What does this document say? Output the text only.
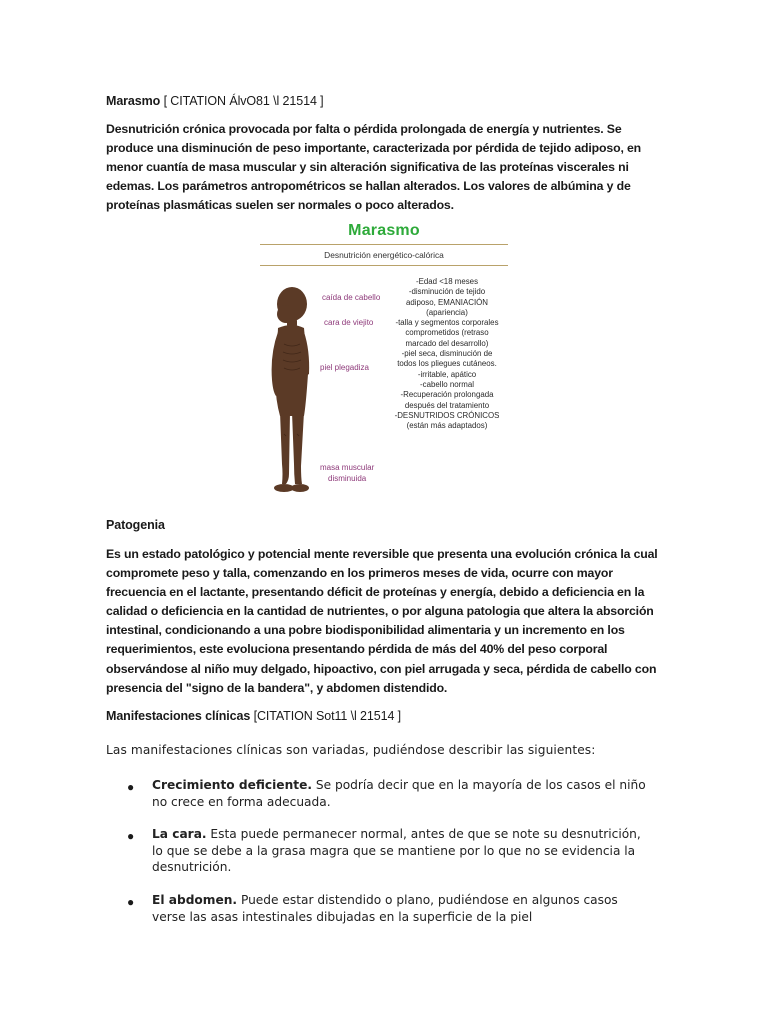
Marasmo [ CITATION ÁlvO81 \l 21514 ]
Desnutrición crónica provocada por falta o pérdida prolongada de energía y nutrientes. Se
produce una disminución de peso importante, caracterizada por pérdida de tejido adiposo, en
menor cuantía de masa muscular y sin alteración significativa de las proteínas viscerales ni
edemas. Los parámetros antropométricos se hallan alterados. Los valores de albúmina y de
proteínas plasmáticas suelen ser normales o poco alterados.
Marasmo
Desnutrición energético-calórica
caída de cabello
cara de viejito
piel plegadiza
masa muscular
disminuida
-Edad <18 meses
-disminución de tejido
adiposo, EMANIACIÓN
(apariencia)
-talla y segmentos corporales
comprometidos (retraso
marcado del desarrollo)
-piel seca, disminución de
todos los pliegues cutáneos.
-irritable, apático
-cabello normal
-Recuperación prolongada
después del tratamiento
-DESNUTRIDOS CRÓNICOS
(están más adaptados)
Patogenia
Es un estado patológico y potencial mente reversible que presenta una evolución crónica la cual
compromete peso y talla, comenzando en los primeros meses de vida, ocurre con mayor
frecuencia en el lactante, presentando déficit de proteínas y energía, debido a deficiencia en la
calidad o deficiencia en la cantidad de nutrientes, o por alguna patologia que altera la absorción
intestinal, condicionando a una pobre biodisponibilidad alimentaria y un incremento en los
requerimientos, este evoluciona presentando pérdida de más del 40% del peso corporal
observándose al niño muy delgado, hipoactivo, con piel arrugada y seca, pérdida de cabello con
presencia del "signo de la bandera", y abdomen distendido.
Manifestaciones clínicas [CITATION Sot11 \l 21514 ]
Las manifestaciones clínicas son variadas, pudiéndose describir las siguientes:
● Crecimiento deficiente. Se podría decir que en la mayoría de los casos el niño
no crece en forma adecuada.
● La cara. Esta puede permanecer normal, antes de que se note su desnutrición,
lo que se debe a la grasa magra que se mantiene por lo que no se evidencia la
desnutrición.
● El abdomen. Puede estar distendido o plano, pudiéndose en algunos casos
verse las asas intestinales dibujadas en la superficie de la piel
